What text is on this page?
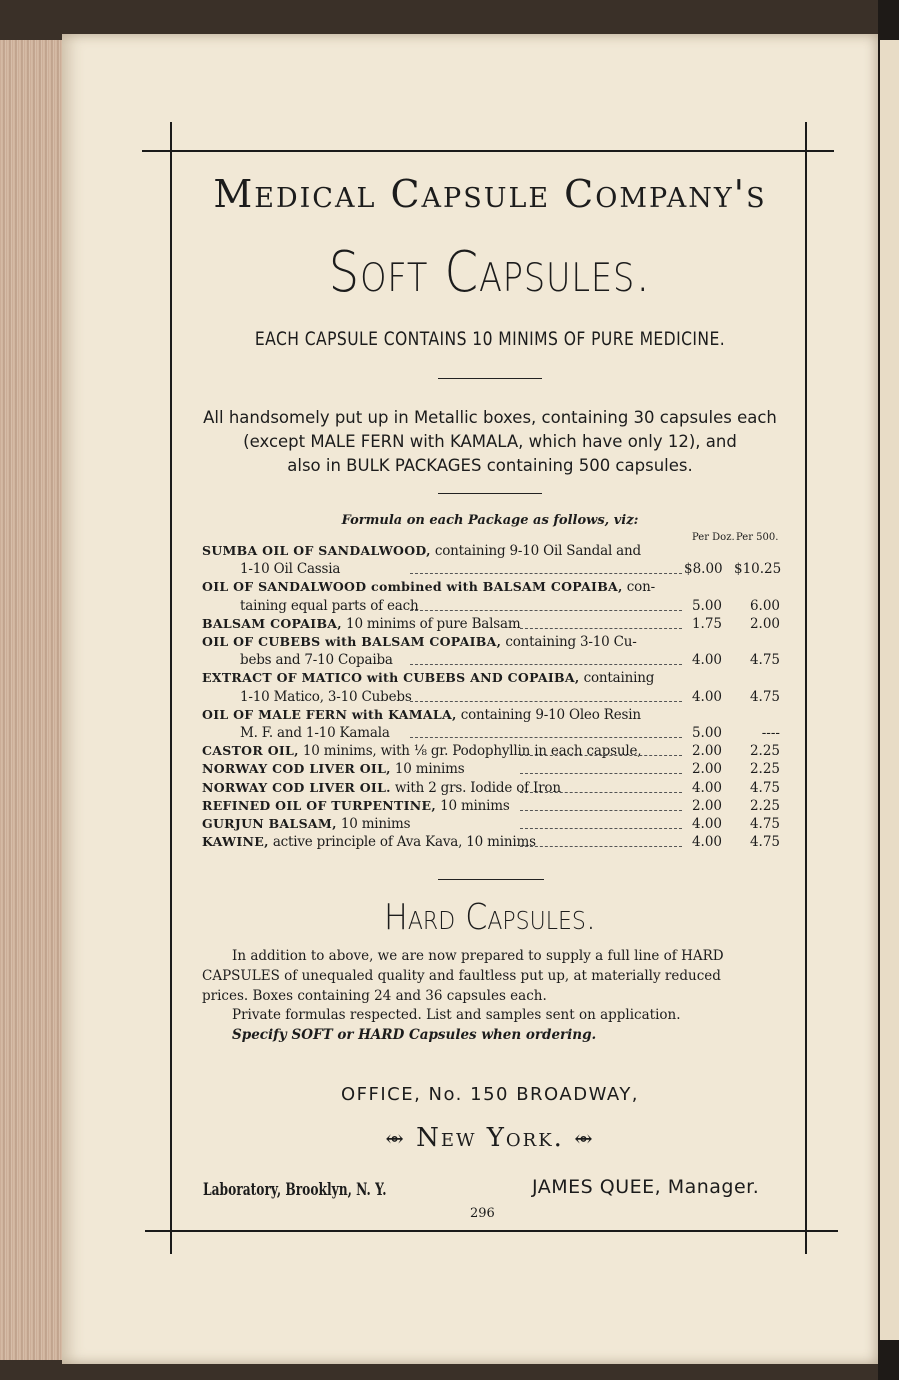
Medical Capsule Company's
Soft Capsules.
EACH CAPSULE CONTAINS 10 MINIMS OF PURE MEDICINE.
All handsomely put up in Metallic boxes, containing 30 capsules each
(except MALE FERN with KAMALA, which have only 12), and
also in BULK PACKAGES containing 500 capsules.
Formula on each Package as follows, viz:
Per Doz. Per 500.
SUMBA OIL OF SANDALWOOD, containing 9-10 Oil Sandal and
1-10 Oil Cassia	$8.00 $10.25
OIL OF SANDALWOOD combined with BALSAM COPAIBA, con-
taining equal parts of each	5.00	6.00
BALSAM COPAIBA, 10 minims of pure Balsam	1.75	2.00
OIL OF CUBEBS with BALSAM COPAIBA, containing 3-10 Cu-
bebs and 7-10 Copaiba	4.00	4.75
EXTRACT OF MATICO with CUBEBS AND COPAIBA, containing
1-10 Matico, 3-10 Cubebs	4.00	4.75
OIL OF MALE FERN with KAMALA, containing 9-10 Oleo Resin
M. F. and 1-10 Kamala	5.00	----
CASTOR OIL, 10 minims, with ⅛ gr. Podophyllin in each capsule,	2.00	2.25
NORWAY COD LIVER OIL, 10 minims	2.00	2.25
NORWAY COD LIVER OIL. with 2 grs. Iodide of Iron	4.00	4.75
REFINED OIL OF TURPENTINE, 10 minims	2.00	2.25
GURJUN BALSAM, 10 minims	4.00	4.75
KAWINE, active principle of Ava Kava, 10 minims	4.00	4.75
Hard Capsules.
In addition to above, we are now prepared to supply a full line of HARD
CAPSULES of unequaled quality and faultless put up, at materially reduced
prices. Boxes containing 24 and 36 capsules each.
Private formulas respected. List and samples sent on application.
Specify SOFT or HARD Capsules when ordering.
OFFICE, No. 150 BROADWAY,
⥈ New York. ⥈
Laboratory, Brooklyn, N. Y.	JAMES QUEE, Manager.
296
